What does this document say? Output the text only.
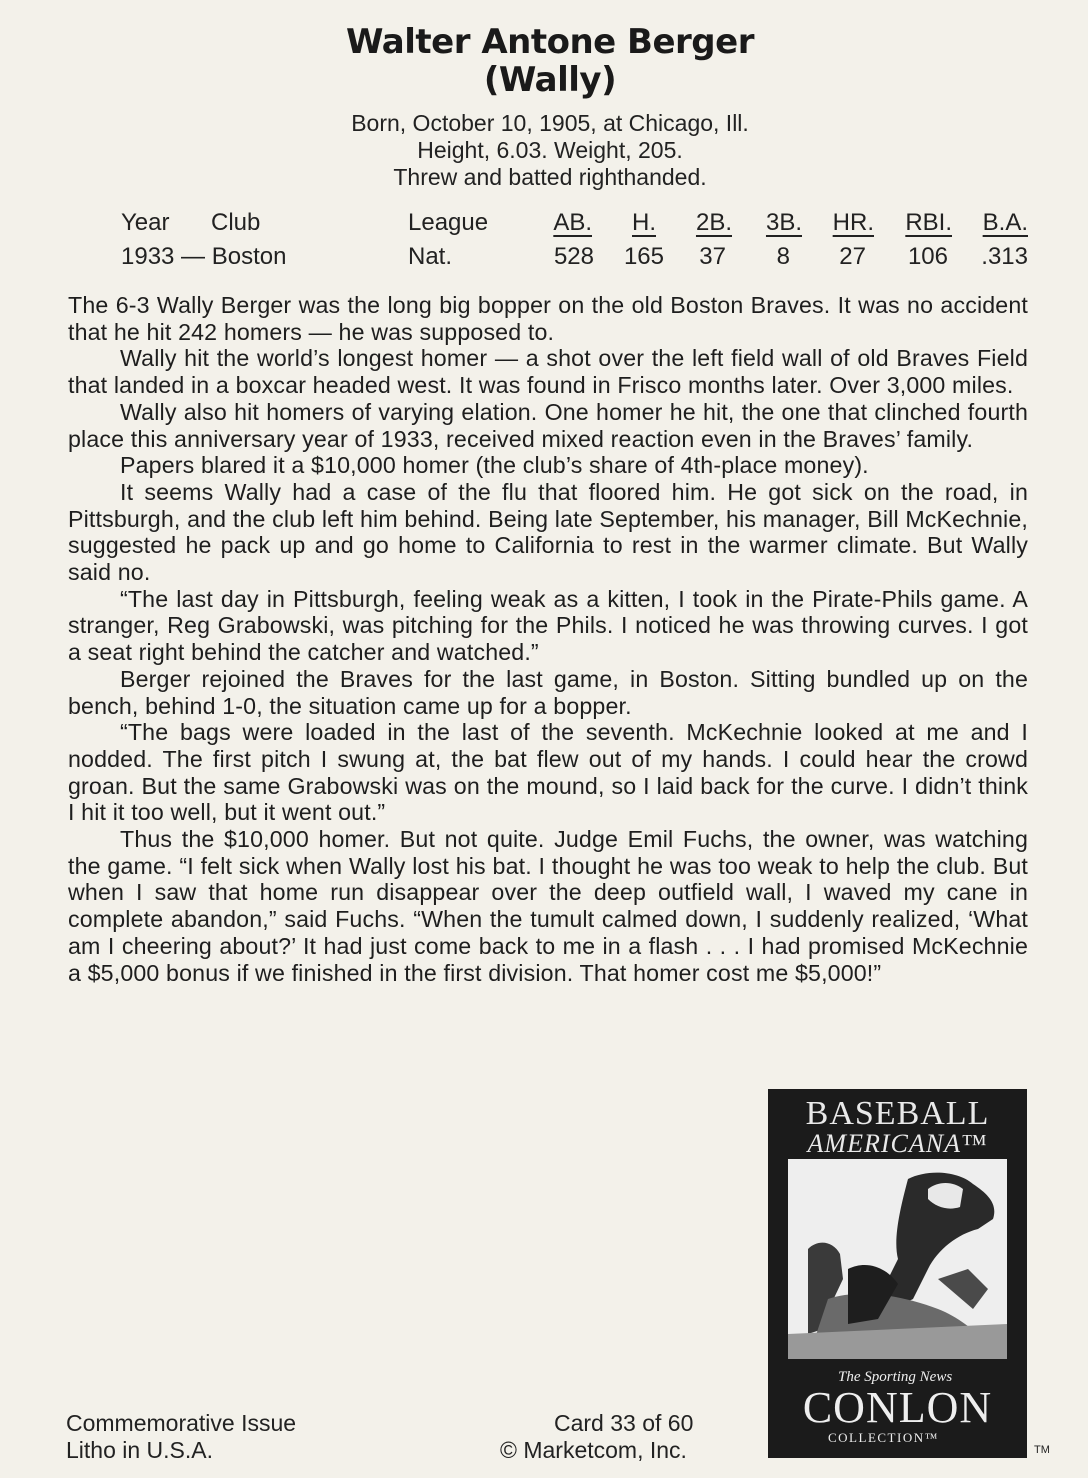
Walter Antone Berger
(Wally)
Born, October 10, 1905, at Chicago, Ill.
Height, 6.03. Weight, 205.
Threw and batted righthanded.
Year Club	League	AB.	H.	2B.	3B.	HR.	RBI.	B.A.
1933 — Boston	Nat.	528	165	37	8	27	106	.313

The 6-3 Wally Berger was the long big bopper on the old Boston Braves. It was no accident that he hit 242 homers — he was supposed to.

Wally hit the world’s longest homer — a shot over the left field wall of old Braves Field that landed in a boxcar headed west. It was found in Frisco months later. Over 3,000 miles.

Wally also hit homers of varying elation. One homer he hit, the one that clinched fourth place this anniversary year of 1933, received mixed reaction even in the Braves’ family.

Papers blared it a $10,000 homer (the club’s share of 4th-place money).

It seems Wally had a case of the flu that floored him. He got sick on the road, in Pittsburgh, and the club left him behind. Being late September, his manager, Bill McKechnie, suggested he pack up and go home to California to rest in the warmer climate. But Wally said no.

“The last day in Pittsburgh, feeling weak as a kitten, I took in the Pirate-Phils game. A stranger, Reg Grabowski, was pitching for the Phils. I noticed he was throwing curves. I got a seat right behind the catcher and watched.”

Berger rejoined the Braves for the last game, in Boston. Sitting bundled up on the bench, behind 1-0, the situation came up for a bopper.

“The bags were loaded in the last of the seventh. McKechnie looked at me and I nodded. The first pitch I swung at, the bat flew out of my hands. I could hear the crowd groan. But the same Grabowski was on the mound, so I laid back for the curve. I didn’t think I hit it too well, but it went out.”

Thus the $10,000 homer. But not quite. Judge Emil Fuchs, the owner, was watching the game. “I felt sick when Wally lost his bat. I thought he was too weak to help the club. But when I saw that home run disappear over the deep outfield wall, I waved my cane in complete abandon,” said Fuchs. “When the tumult calmed down, I suddenly realized, ‘What am I cheering about?’ It had just come back to me in a flash . . . I had promised McKechnie a $5,000 bonus if we finished in the first division. That homer cost me $5,000!”

BASEBALL
AMERICANA™
The Sporting News
CONLON
COLLECTION™
TM
Commemorative Issue
Litho in U.S.A.
Card 33 of 60
© Marketcom, Inc.
